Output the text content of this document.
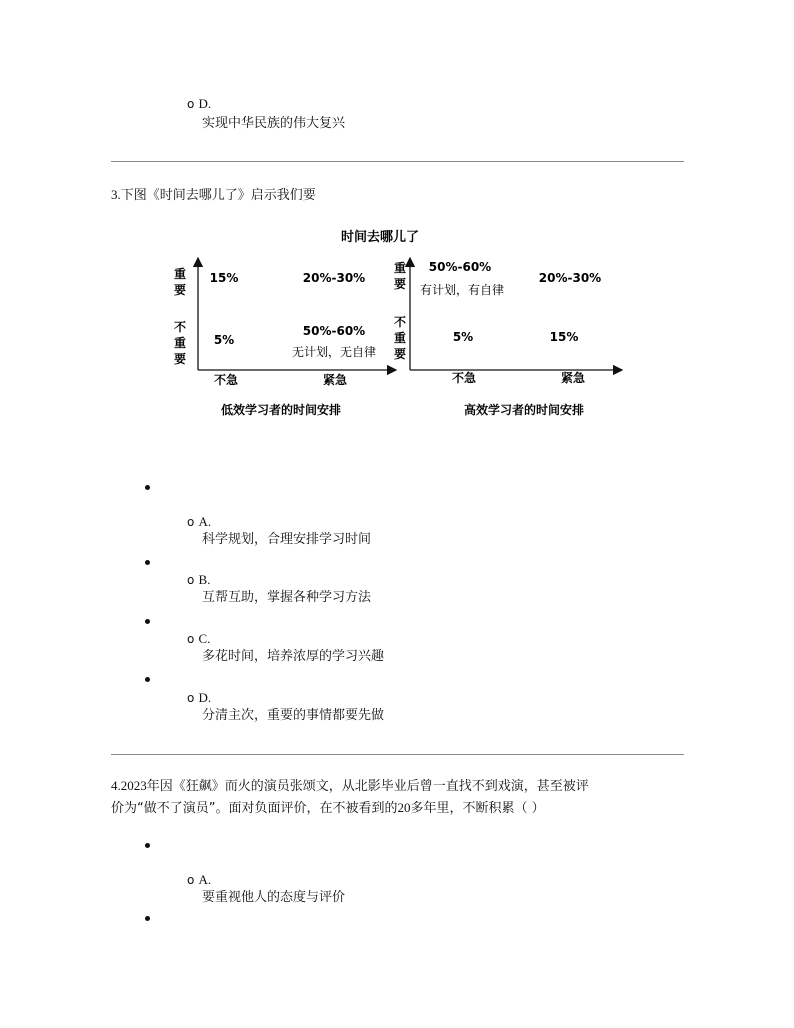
o D.
实现中华民族的伟大复兴
3.下图《时间去哪儿了》启示我们要
时间去哪儿了
重要
不重要
重要
不重要
15%	20%-30%
5%
50%-60%
无计划，无自律
不急	紧急
50%-60%
有计划，有自律
20%-30%
5%	15%
不急	紧急
低效学习者的时间安排	高效学习者的时间安排
o A.
科学规划，合理安排学习时间
o B.
互帮互助，掌握各种学习方法
o C.
多花时间，培养浓厚的学习兴趣
o D.
分清主次，重要的事情都要先做
4.2023年因《狂飙》而火的演员张颂文，从北影毕业后曾一直找不到戏演，甚至被评
价为“做不了演员”。面对负面评价，在不被看到的20多年里，不断积累（ ）
o A.
要重视他人的态度与评价
